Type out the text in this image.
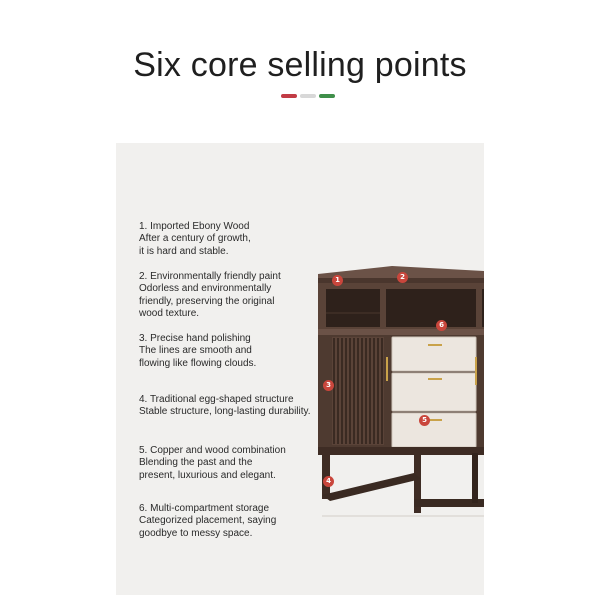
Six core selling points
1	2
3
4
5
6
1. Imported Ebony Wood
After a century of growth,
it is hard and stable.
2. Environmentally friendly paint
Odorless and environmentally
friendly, preserving the original
wood texture.
3. Precise hand polishing
The lines are smooth and
flowing like flowing clouds.
4. Traditional egg-shaped structure
Stable structure, long-lasting durability.
5. Copper and wood combination
Blending the past and the
present, luxurious and elegant.
6. Multi-compartment storage
Categorized placement, saying
goodbye to messy space.
